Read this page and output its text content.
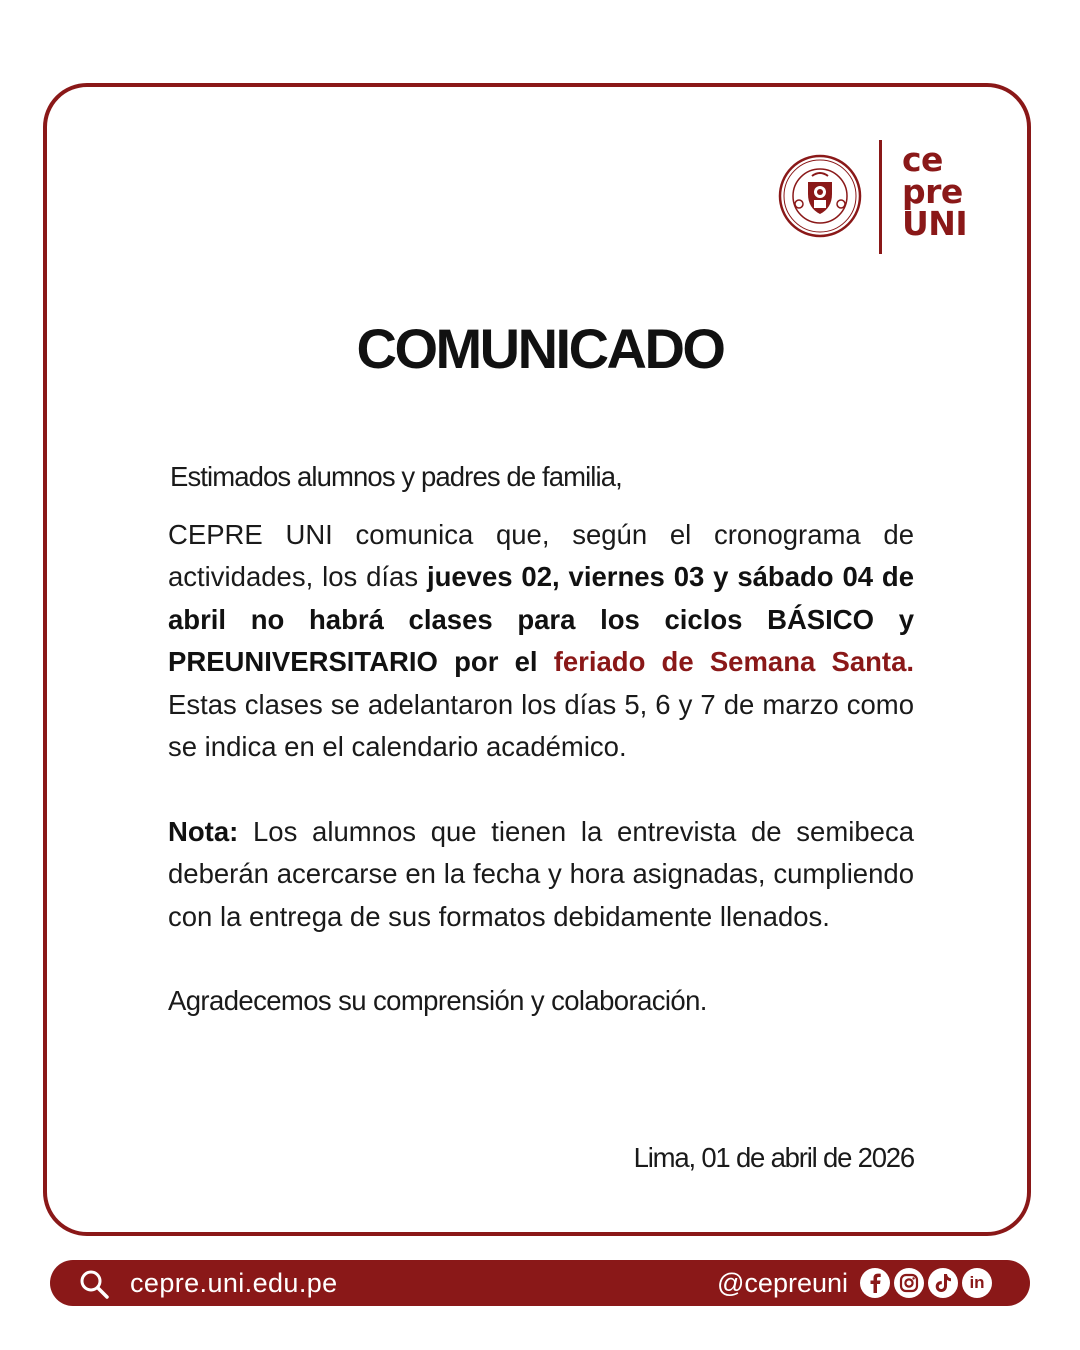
ce
pre
UNI
COMUNICADO

Estimados alumnos y padres de familia,

CEPRE UNI comunica que, según el cronograma de actividades, los días jueves 02, viernes 03 y sábado 04 de abril no habrá clases para los ciclos BÁSICO y PREUNIVERSITARIO por el feriado de Semana Santa. Estas clases se adelantaron los días 5, 6 y 7 de marzo como se indica en el calendario académico.

Nota: Los alumnos que tienen la entrevista de semibeca deberán acercarse en la fecha y hora asignadas, cumpliendo con la entrega de sus formatos debidamente llenados.

Agradecemos su comprensión y colaboración.

Lima, 01 de abril de 2026
cepre.uni.edu.pe	@cepreuni	in
